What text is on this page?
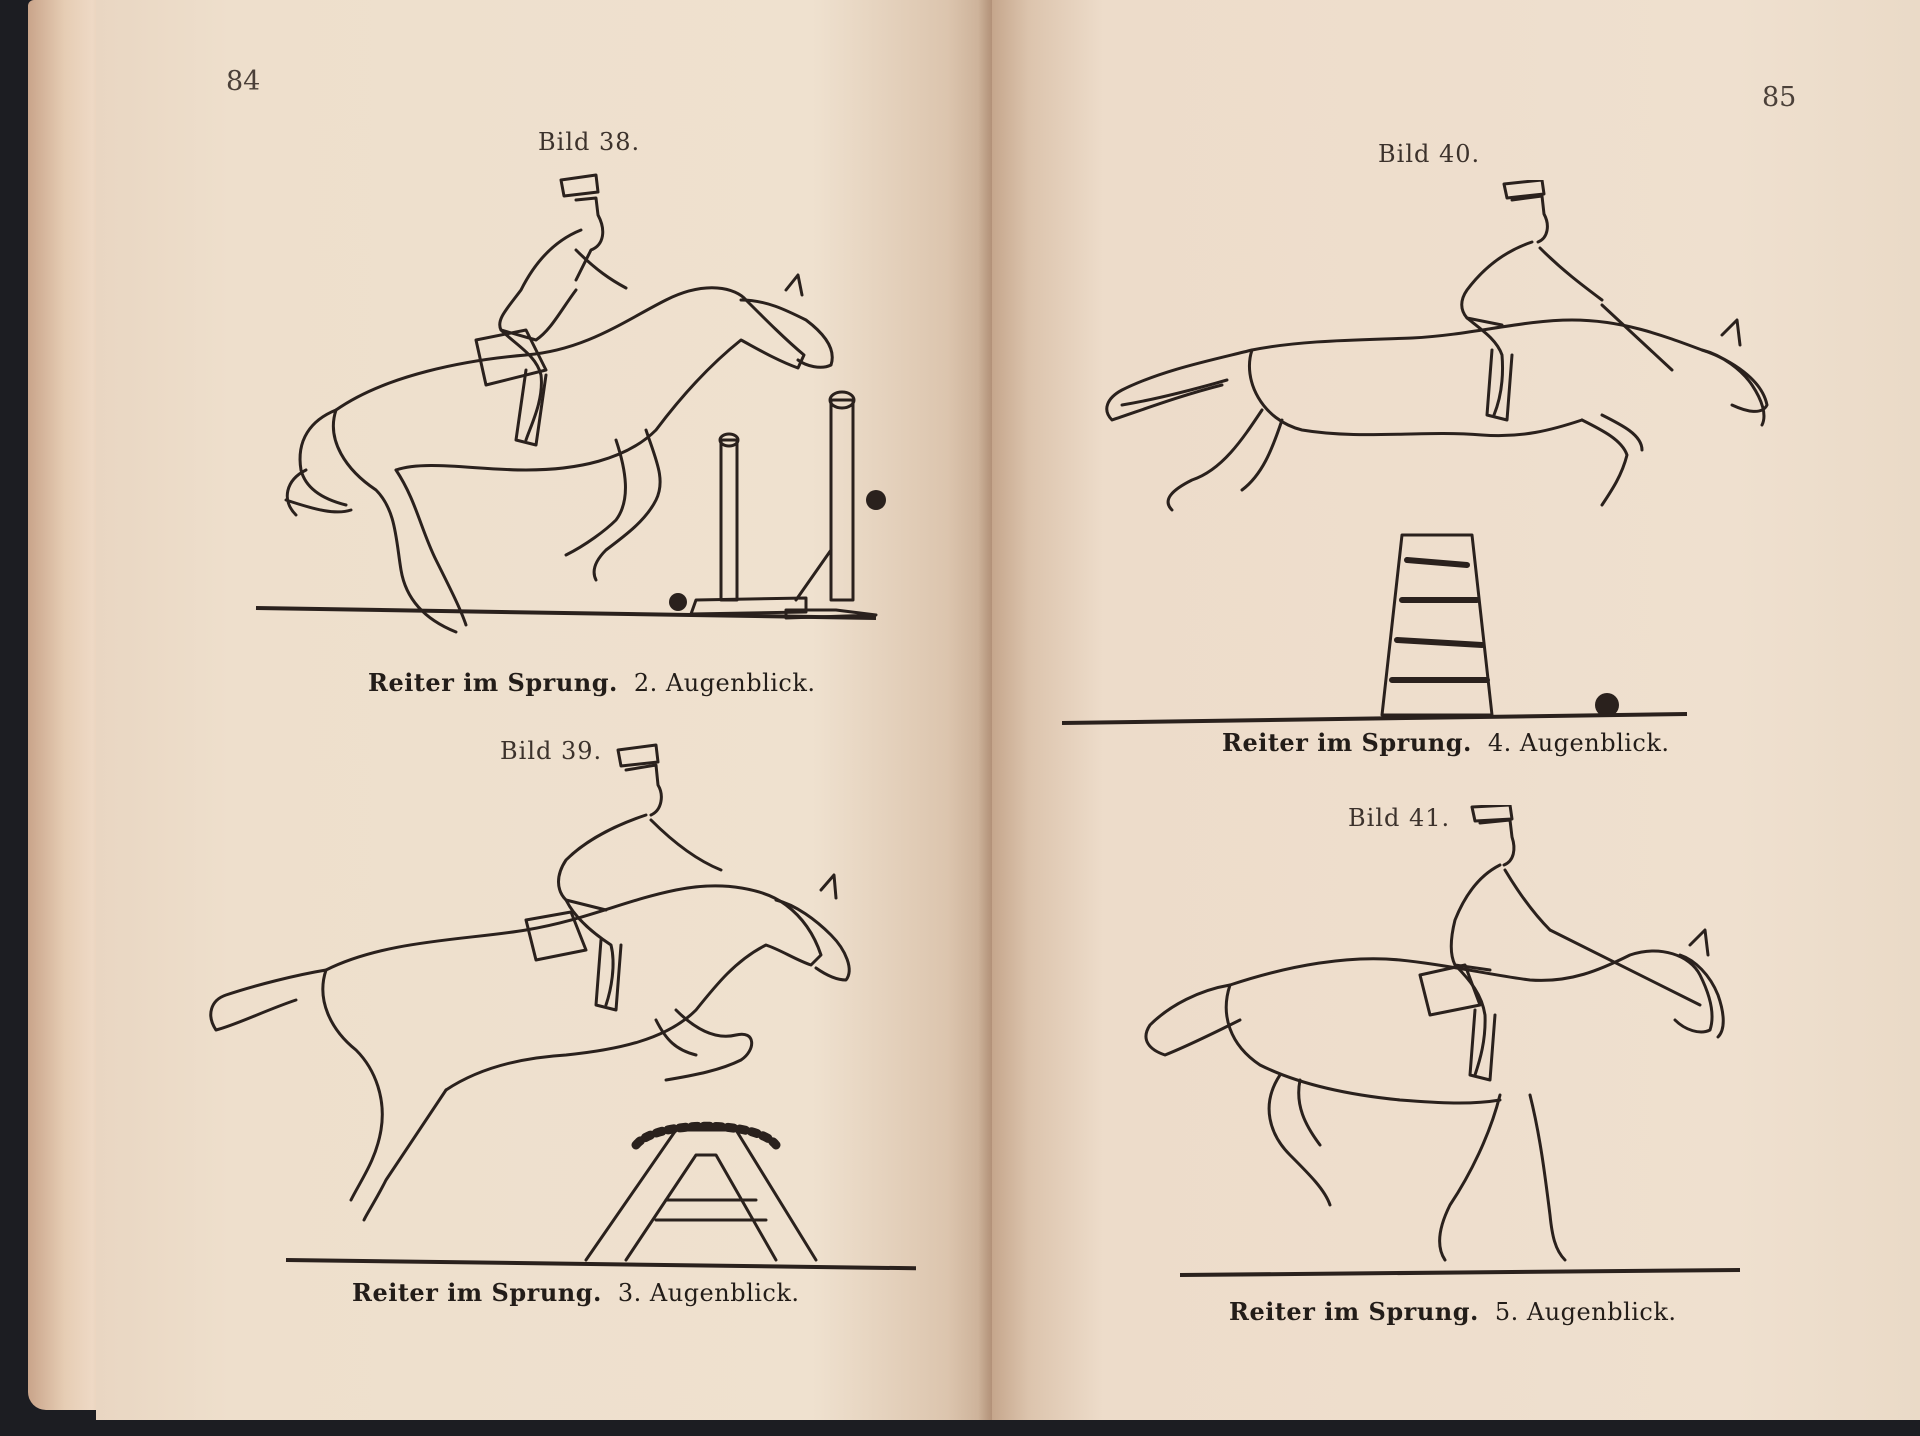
84
Bild 38.
Reiter im Sprung. 2. Augenblick.
Bild 39.
Reiter im Sprung. 3. Augenblick.
85
Bild 40.
Reiter im Sprung. 4. Augenblick.
Bild 41.
Reiter im Sprung. 5. Augenblick.
